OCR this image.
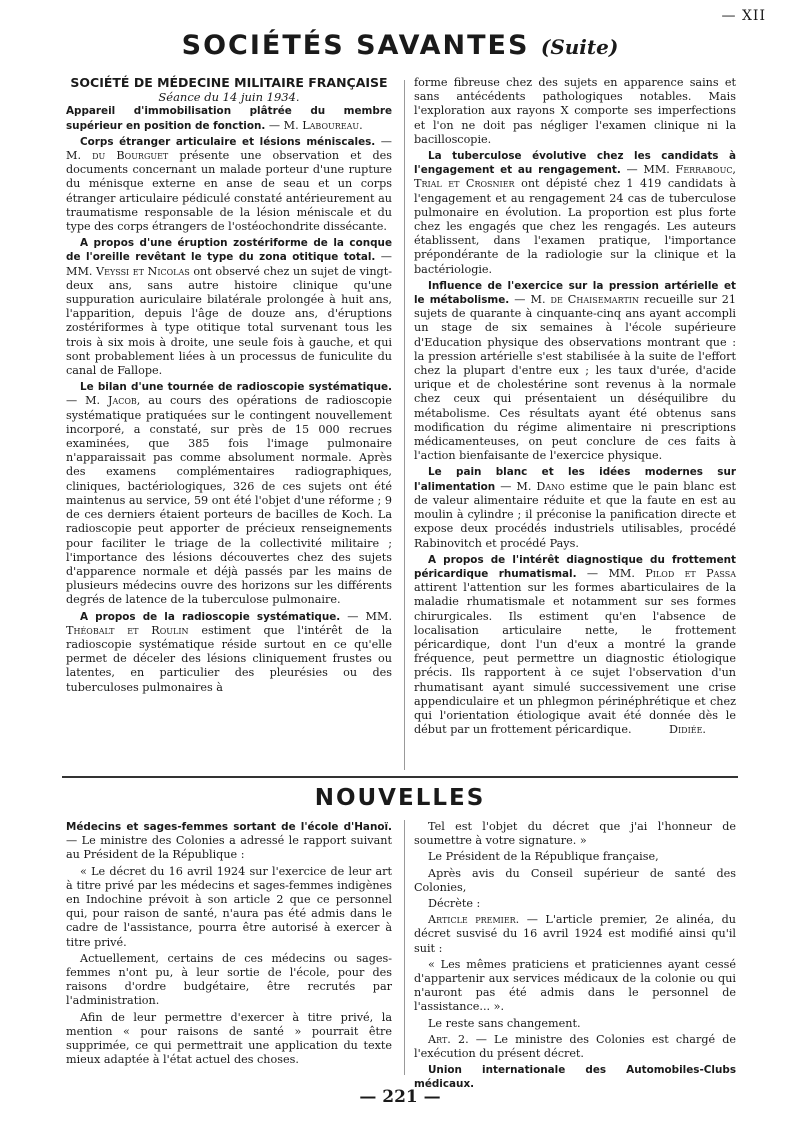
— XII
SOCIÉTÉS SAVANTES (Suite)

SOCIÉTÉ DE MÉDECINE MILITAIRE FRANÇAISE

Séance du 14 juin 1934.

Appareil d'immobilisation plâtrée du membre supérieur en position de fonction. — M. Laboureau.

Corps étranger articulaire et lésions méniscales. — M. du Bourguet présente une observation et des documents concernant un malade porteur d'une rupture du ménisque externe en anse de seau et un corps étranger articulaire pédiculé constaté antérieurement au traumatisme responsable de la lésion méniscale et du type des corps étrangers de l'ostéochondrite dissécante.

A propos d'une éruption zostériforme de la conque de l'oreille revêtant le type du zona otitique total. — MM. Veyssi et Nicolas ont observé chez un sujet de vingt-deux ans, sans autre histoire clinique qu'une suppuration auriculaire bilatérale prolongée à huit ans, l'apparition, depuis l'âge de douze ans, d'éruptions zostériformes à type otitique total survenant tous les trois à six mois à droite, une seule fois à gauche, et qui sont probablement liées à un processus de funiculite du canal de Fallope.

Le bilan d'une tournée de radioscopie systématique. — M. Jacob, au cours des opérations de radioscopie systématique pratiquées sur le contingent nouvellement incorporé, a constaté, sur près de 15 000 recrues examinées, que 385 fois l'image pulmonaire n'apparaissait pas comme absolument normale. Après des examens complémentaires radiographiques, cliniques, bactériologiques, 326 de ces sujets ont été maintenus au service, 59 ont été l'objet d'une réforme ; 9 de ces derniers étaient porteurs de bacilles de Koch. La radioscopie peut apporter de précieux renseignements pour faciliter le triage de la collectivité militaire ; l'importance des lésions découvertes chez des sujets d'apparence normale et déjà passés par les mains de plusieurs médecins ouvre des horizons sur les différents degrés de latence de la tuberculose pulmonaire.

A propos de la radioscopie systématique. — MM. Théobalt et Roulin estiment que l'intérêt de la radioscopie systématique réside surtout en ce qu'elle permet de déceler des lésions cliniquement frustes ou latentes, en particulier des pleurésies ou des tuberculoses pulmonaires à

forme fibreuse chez des sujets en apparence sains et sans antécédents pathologiques notables. Mais l'exploration aux rayons X comporte ses imperfections et l'on ne doit pas négliger l'examen clinique ni la bacilloscopie.

La tuberculose évolutive chez les candidats à l'engagement et au rengagement. — MM. Ferrabouc, Trial et Crosnier ont dépisté chez 1 419 candidats à l'engagement et au rengagement 24 cas de tuberculose pulmonaire en évolution. La proportion est plus forte chez les engagés que chez les rengagés. Les auteurs établissent, dans l'examen pratique, l'importance prépondérante de la radiologie sur la clinique et la bactériologie.

Influence de l'exercice sur la pression artérielle et le métabolisme. — M. de Chaisemartin recueille sur 21 sujets de quarante à cinquante-cinq ans ayant accompli un stage de six semaines à l'école supérieure d'Education physique des observations montrant que : la pression artérielle s'est stabilisée à la suite de l'effort chez la plupart d'entre eux ; les taux d'urée, d'acide urique et de cholestérine sont revenus à la normale chez ceux qui présentaient un déséquilibre du métabolisme. Ces résultats ayant été obtenus sans modification du régime alimentaire ni prescriptions médicamenteuses, on peut conclure de ces faits à l'action bienfaisante de l'exercice physique.

Le pain blanc et les idées modernes sur l'alimentation — M. Dano estime que le pain blanc est de valeur alimentaire réduite et que la faute en est au moulin à cylindre ; il préconise la panification directe et expose deux procédés industriels utilisables, procédé Rabinovitch et procédé Pays.

A propos de l'intérêt diagnostique du frottement péricardique rhumatismal. — MM. Pilod et Passa attirent l'attention sur les formes abarticulaires de la maladie rhumatismale et notamment sur ses formes chirurgicales. Ils estiment qu'en l'absence de localisation articulaire nette, le frottement péricardique, dont l'un d'eux a montré la grande fréquence, peut permettre un diagnostic étiologique précis. Ils rapportent à ce sujet l'observation d'un rhumatisant ayant simulé successivement une crise appendiculaire et un phlegmon périnéphrétique et chez qui l'orientation étiologique avait été donnée dès le début par un frottement péricardique.	Didiée.

NOUVELLES

Médecins et sages-femmes sortant de l'école d'Hanoï. — Le ministre des Colonies a adressé le rapport suivant au Président de la République :

« Le décret du 16 avril 1924 sur l'exercice de leur art à titre privé par les médecins et sages-femmes indigènes en Indochine prévoit à son article 2 que ce personnel qui, pour raison de santé, n'aura pas été admis dans le cadre de l'assistance, pourra être autorisé à exercer à titre privé.

Actuellement, certains de ces médecins ou sages-femmes n'ont pu, à leur sortie de l'école, pour des raisons d'ordre budgétaire, être recrutés par l'administration.

Afin de leur permettre d'exercer à titre privé, la mention « pour raisons de santé » pourrait être supprimée, ce qui permettrait une application du texte mieux adaptée à l'état actuel des choses.

Tel est l'objet du décret que j'ai l'honneur de soumettre à votre signature. »

Le Président de la République française,

Après avis du Conseil supérieur de santé des Colonies,

Décrète :

Article premier. — L'article premier, 2e alinéa, du décret susvisé du 16 avril 1924 est modifié ainsi qu'il suit :

« Les mêmes praticiens et praticiennes ayant cessé d'appartenir aux services médicaux de la colonie ou qui n'auront pas été admis dans le personnel de l'assistance... ».

Le reste sans changement.

Art. 2. — Le ministre des Colonies est chargé de l'exécution du présent décret.

Union internationale des Automobiles-Clubs médicaux.

— 221 —
